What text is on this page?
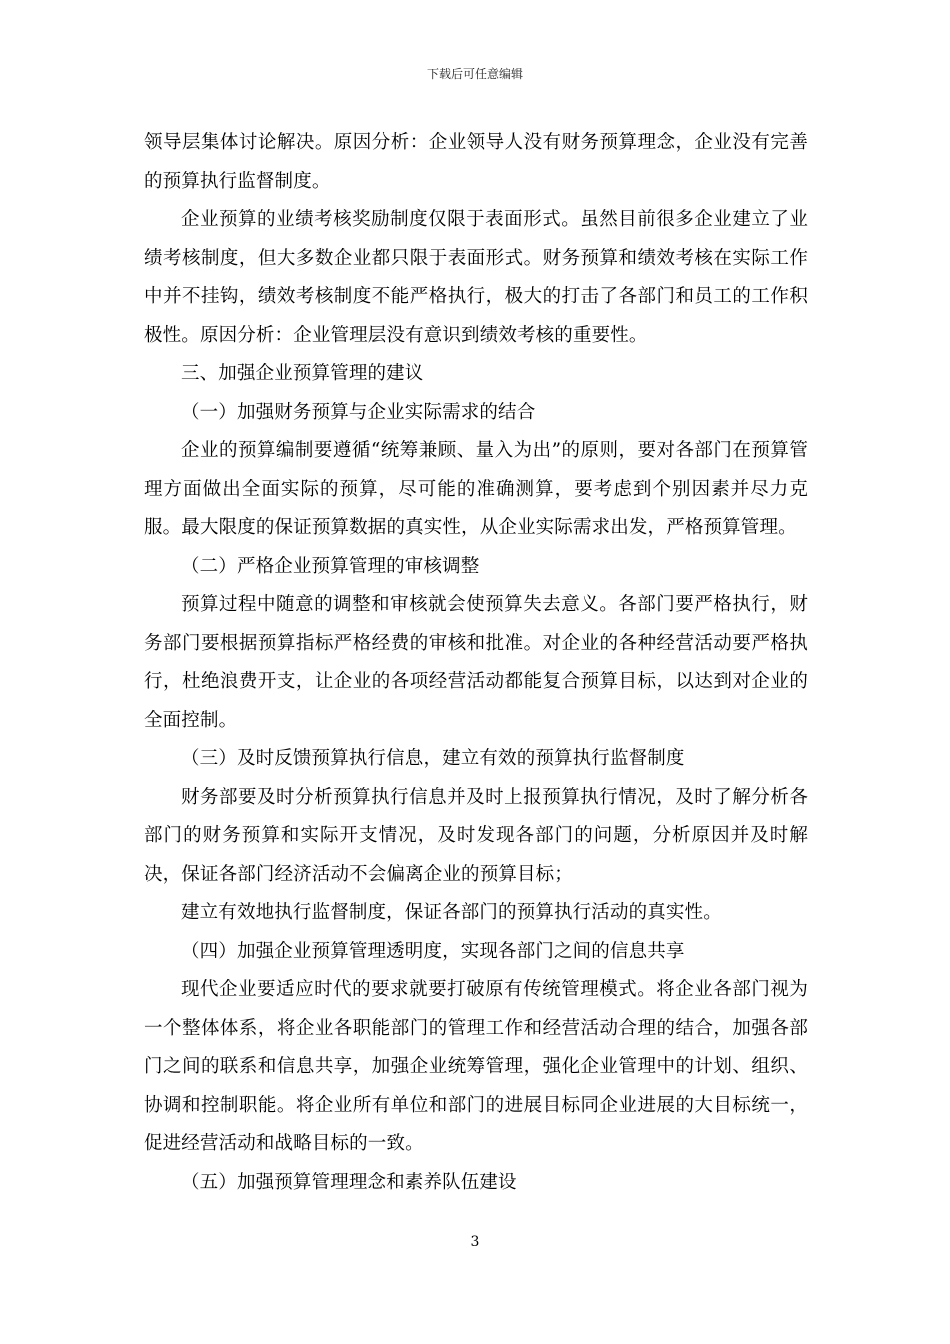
下载后可任意编辑

领导层集体讨论解决。原因分析：企业领导人没有财务预算理念，企业没有完善的预算执行监督制度。

企业预算的业绩考核奖励制度仅限于表面形式。虽然目前很多企业建立了业绩考核制度，但大多数企业都只限于表面形式。财务预算和绩效考核在实际工作中并不挂钩，绩效考核制度不能严格执行，极大的打击了各部门和员工的工作积极性。原因分析：企业管理层没有意识到绩效考核的重要性。

三、加强企业预算管理的建议

（一）加强财务预算与企业实际需求的结合

企业的预算编制要遵循“统筹兼顾、量入为出”的原则，要对各部门在预算管理方面做出全面实际的预算，尽可能的准确测算，要考虑到个别因素并尽力克服。最大限度的保证预算数据的真实性，从企业实际需求出发，严格预算管理。

（二）严格企业预算管理的审核调整

预算过程中随意的调整和审核就会使预算失去意义。各部门要严格执行，财务部门要根据预算指标严格经费的审核和批准。对企业的各种经营活动要严格执行，杜绝浪费开支，让企业的各项经营活动都能复合预算目标，以达到对企业的全面控制。

（三）及时反馈预算执行信息，建立有效的预算执行监督制度

财务部要及时分析预算执行信息并及时上报预算执行情况，及时了解分析各部门的财务预算和实际开支情况，及时发现各部门的问题，分析原因并及时解决，保证各部门经济活动不会偏离企业的预算目标；

建立有效地执行监督制度，保证各部门的预算执行活动的真实性。

（四）加强企业预算管理透明度，实现各部门之间的信息共享

现代企业要适应时代的要求就要打破原有传统管理模式。将企业各部门视为一个整体体系，将企业各职能部门的管理工作和经营活动合理的结合，加强各部门之间的联系和信息共享，加强企业统筹管理，强化企业管理中的计划、组织、协调和控制职能。将企业所有单位和部门的进展目标同企业进展的大目标统一，促进经营活动和战略目标的一致。

（五）加强预算管理理念和素养队伍建设

3
